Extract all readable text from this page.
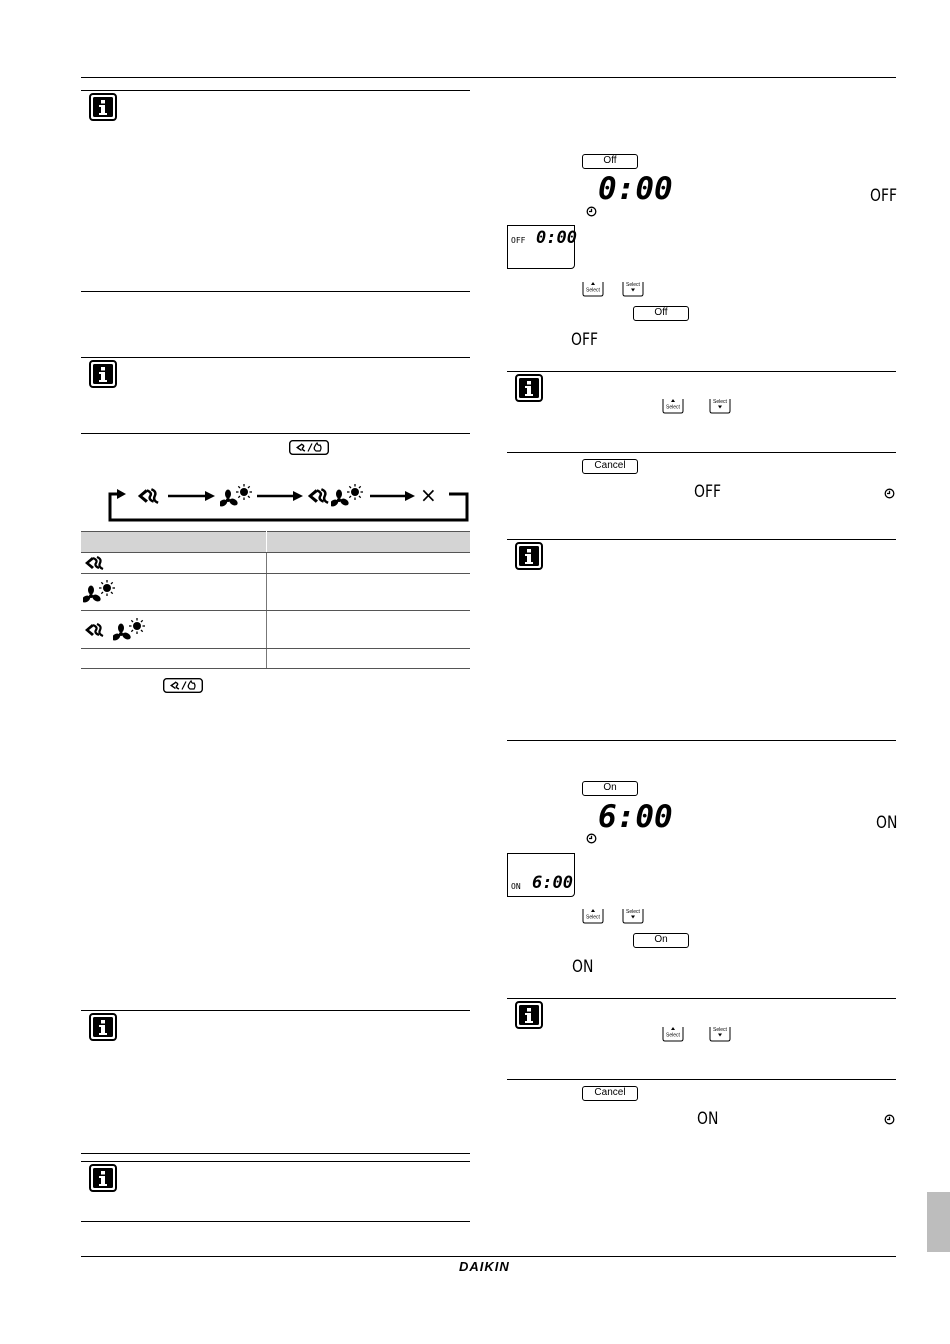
×

Off
0:00	OFF
OFF 0:00
Off
OFF
Cancel
OFF
On
6:00	ON
ON 6:00
On
ON
Cancel
ON
DAIKIN
